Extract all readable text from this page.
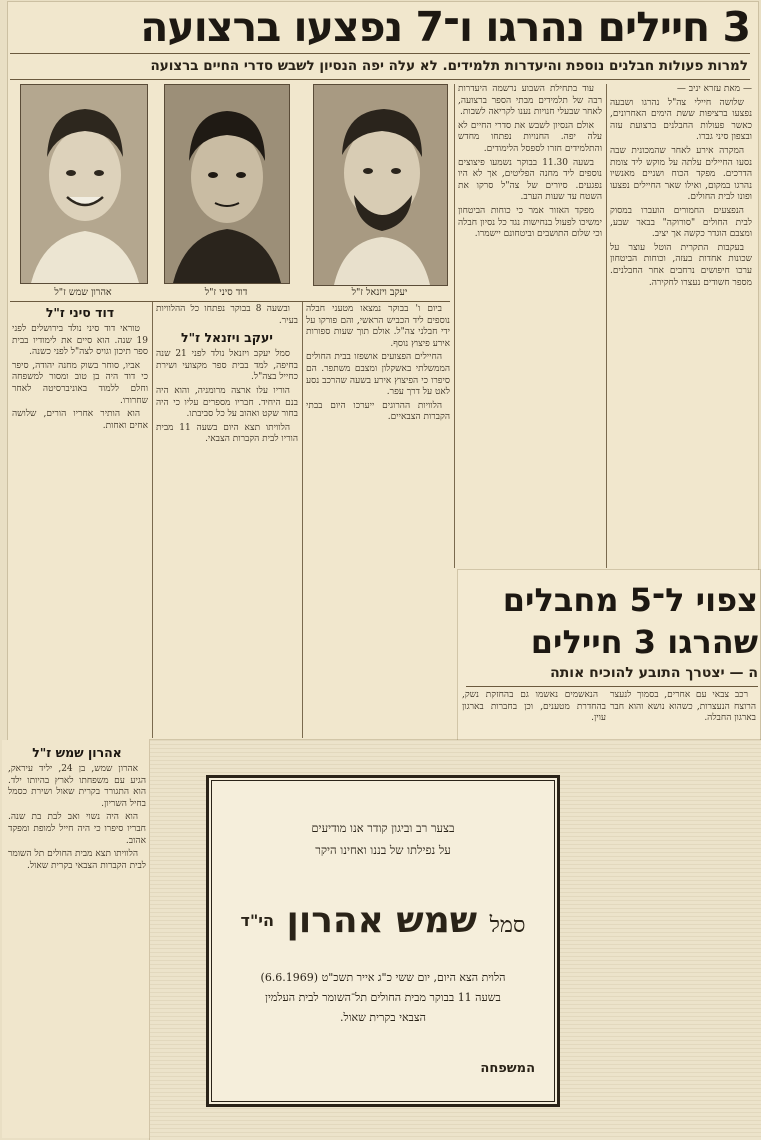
3 חיילים נהרגו ו־7 נפצעו ברצועה
למרות פעולות חבלנים נוספת והיעדרות תלמידים. לא עלה יפה הנסיון לשבש סדרי החיים ברצועה
יעקב ויזנאל ז"ל
דוד סיני ז"ל
אהרון שמש ז"ל

— מאת עזרא יניב —

שלושה חיילי צה"ל נהרגו ושבעה נפצעו ברציפות ששת הימים האחרונים, כאשר פעולות החבלנים ברצועת עזה ובצפון סיני גברו.

המקרה אירע לאחר שהמכונית שבה נסעו החיילים עלתה על מוקש ליד צומת הדרכים. מפקד הכוח ושניים מאנשיו נהרגו במקום, ואילו שאר החיילים נפצעו ופונו לבית החולים.

הנפצעים החמורים הועברו במסוק לבית החולים "סורוקה" בבאר שבע, ומצבם הוגדר כקשה אך יציב.

בעקבות התקרית הוטל עוצר על שכונות אחדות בעזה, וכוחות הביטחון ערכו חיפושים נרחבים אחר החבלנים. מספר חשודים נעצרו לחקירה.

עוד בתחילת השבוע נרשמה היעדרות רבה של תלמידים מבתי הספר ברצועה, לאחר שבעלי חנויות נענו לקריאה לשבות.

אולם הנסיון לשבש את סדרי החיים לא עלה יפה. החנויות נפתחו מחדש והתלמידים חזרו לספסל הלימודים.

בשעה 11.30 בבוקר נשמעו פיצוצים נוספים ליד מחנה הפליטים, אך לא היו נפגעים. סיורים של צה"ל סרקו את השטח עד שעות הערב.

מפקד האזור אמר כי כוחות הביטחון ימשיכו לפעול בנחישות נגד כל נסיון חבלה וכי שלום התושבים וביטחונם יישמרו.

ביום ו' בבוקר נמצאו מטעני חבלה נוספים ליד הכביש הראשי, והם פורקו על ידי חבלני צה"ל. אולם תוך שעות ספורות אירע פיצוץ נוסף.

החיילים הפצועים אושפזו בבית החולים הממשלתי באשקלון ומצבם משתפר. הם סיפרו כי הפיצוץ אירע בשעה שהרכב נסע לאט על דרך עפר.

הלוויות ההרוגים ייערכו היום בבתי הקברות הצבאיים.

ובשעה 8 בבוקר נפתחו כל ההלוויות בעיר.

יעקב ויזנאל ז"ל

סמל יעקב ויזנאל נולד לפני 21 שנה בחיפה, למד בבית ספר מקצועי ושירת כחייל בצה"ל.

הוריו עלו ארצה מרומניה, והוא היה בנם היחיד. חבריו מספרים עליו כי היה בחור שקט ואהוב על כל סביבתו.

הלוויתו תצא היום בשעה 11 מבית הוריו לבית הקברות הצבאי.

דוד סיני ז"ל

טוראי דוד סיני נולד בירושלים לפני 19 שנה. הוא סיים את לימודיו בבית ספר תיכון וגויס לצה"ל לפני כשנה.

אביו, סוחר בשוק מחנה יהודה, סיפר כי דוד היה בן טוב ומסור למשפחה וחלם ללמוד באוניברסיטה לאחר שחרורו.

הוא הותיר אחריו הורים, שלושה אחים ואחות.

אהרון שמש ז"ל

אהרון שמש, בן 24, יליד עיראק, הגיע עם משפחתו לארץ בהיותו ילד. הוא התגורר בקרית שאול ושירת כסמל בחיל השריון.

הוא היה נשוי ואב לבת בת שנה. חבריו סיפרו כי היה חייל למופת ומפקד אהוב.

הלוויתו תצא מבית החולים תל השומר לבית הקברות הצבאי בקרית שאול.

צפוי ל־5 מחבלים
שהרגו 3 חיילים
ה — יצטרך התובע להוכיח אותה

רכב צבאי עם אחרים, בסמוך לנעצר הרוצח הנעצרות, כשהוא נושא והוא חבר בארגון החבלה.

הנאשמים נאשמו גם בהחזקת נשק, בהחדרת מטענים, וכן בחברות בארגון עוין.

בצער רב וביגון קודר אנו מודיעים
על נפילתו של בננו ואחינו היקר
סמל שמש אהרון $^{הי"ד}$
הלוית הצא היום, יום ששי כ"ג אייר תשכ"ט (6.6.1969)
בשעה 11 בבוקר מבית החולים תל־השומר לבית העלמין
הצבאי בקרית שאול.
המשפחה
